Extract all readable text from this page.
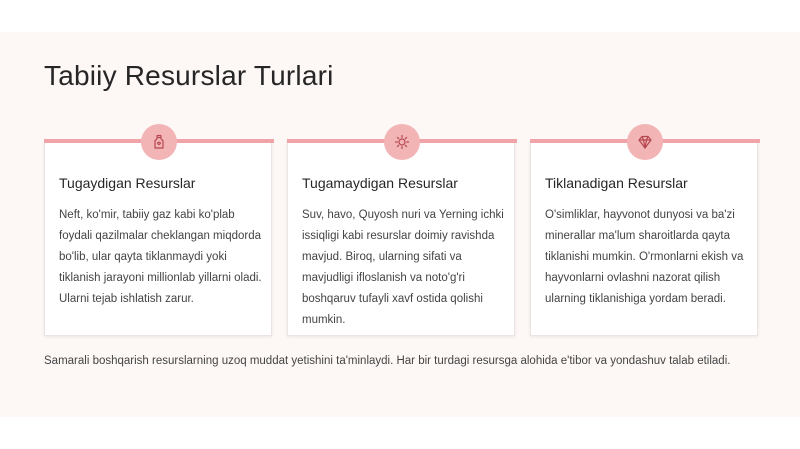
Tabiiy Resurslar Turlari
Tugaydigan Resurslar

Neft, ko'mir, tabiiy gaz kabi ko'plab foydali qazilmalar cheklangan miqdorda bo'lib, ular qayta tiklanmaydi yoki tiklanish jarayoni millionlab yillarni oladi. Ularni tejab ishlatish zarur.

Tugamaydigan Resurslar

Suv, havo, Quyosh nuri va Yerning ichki issiqligi kabi resurslar doimiy ravishda mavjud. Biroq, ularning sifati va mavjudligi ifloslanish va noto'g'ri boshqaruv tufayli xavf ostida qolishi mumkin.

Tiklanadigan Resurslar

O'simliklar, hayvonot dunyosi va ba'zi minerallar ma'lum sharoitlarda qayta tiklanishi mumkin. O'rmonlarni ekish va hayvonlarni ovlashni nazorat qilish ularning tiklanishiga yordam beradi.

Samarali boshqarish resurslarning uzoq muddat yetishini ta'minlaydi. Har bir turdagi resursga alohida e'tibor va yondashuv talab etiladi.
